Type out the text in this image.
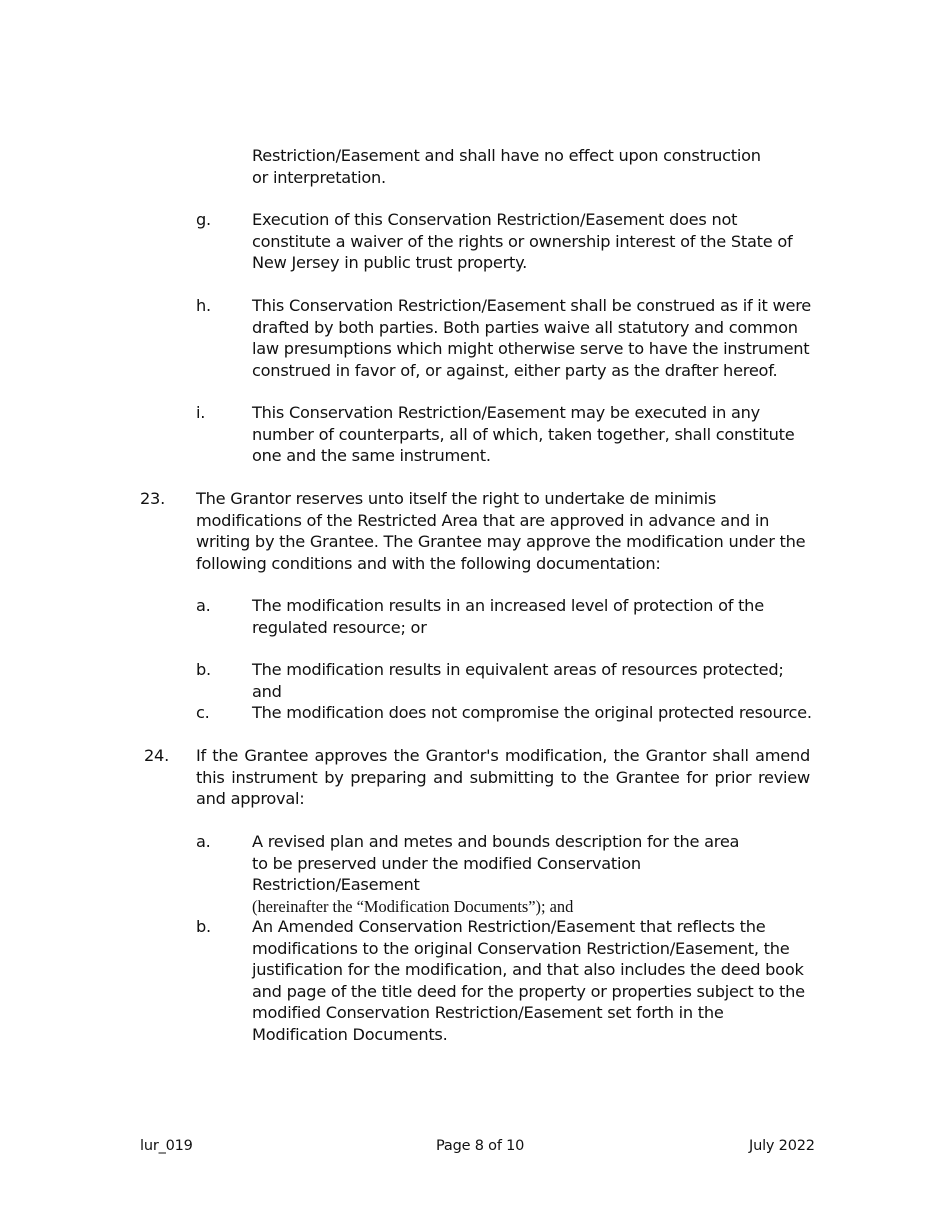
Restriction/Easement and shall have no effect upon construction or interpretation.
g.	Execution of this Conservation Restriction/Easement does not constitute a waiver of the rights or ownership interest of the State of New Jersey in public trust property.
h.	This Conservation Restriction/Easement shall be construed as if it were drafted by both parties. Both parties waive all statutory and common law presumptions which might otherwise serve to have the instrument construed in favor of, or against, either party as the drafter hereof.
i.	This Conservation Restriction/Easement may be executed in any number of counterparts, all of which, taken together, shall constitute one and the same instrument.
23. The Grantor reserves unto itself the right to undertake de minimis modifications of the Restricted Area that are approved in advance and in writing by the Grantee. The Grantee may approve the modification under the following conditions and with the following documentation:
a.	The modification results in an increased level of protection of the regulated resource; or
b.	The modification results in equivalent areas of resources protected; and
c.	The modification does not compromise the original protected resource.
24. If the Grantee approves the Grantor's modification, the Grantor shall amend this instrument by preparing and submitting to the Grantee for prior review and approval:
a.	A revised plan and metes and bounds description for the area to be preserved under the modified Conservation Restriction/Easement
(hereinafter the “Modification Documents”); and
b.	An Amended Conservation Restriction/Easement that reflects the modifications to the original Conservation Restriction/Easement, the justification for the modification, and that also includes the deed book and page of the title deed for the property or properties subject to the modified Conservation Restriction/Easement set forth in the Modification Documents.
lur_019	Page 8 of 10	July 2022
